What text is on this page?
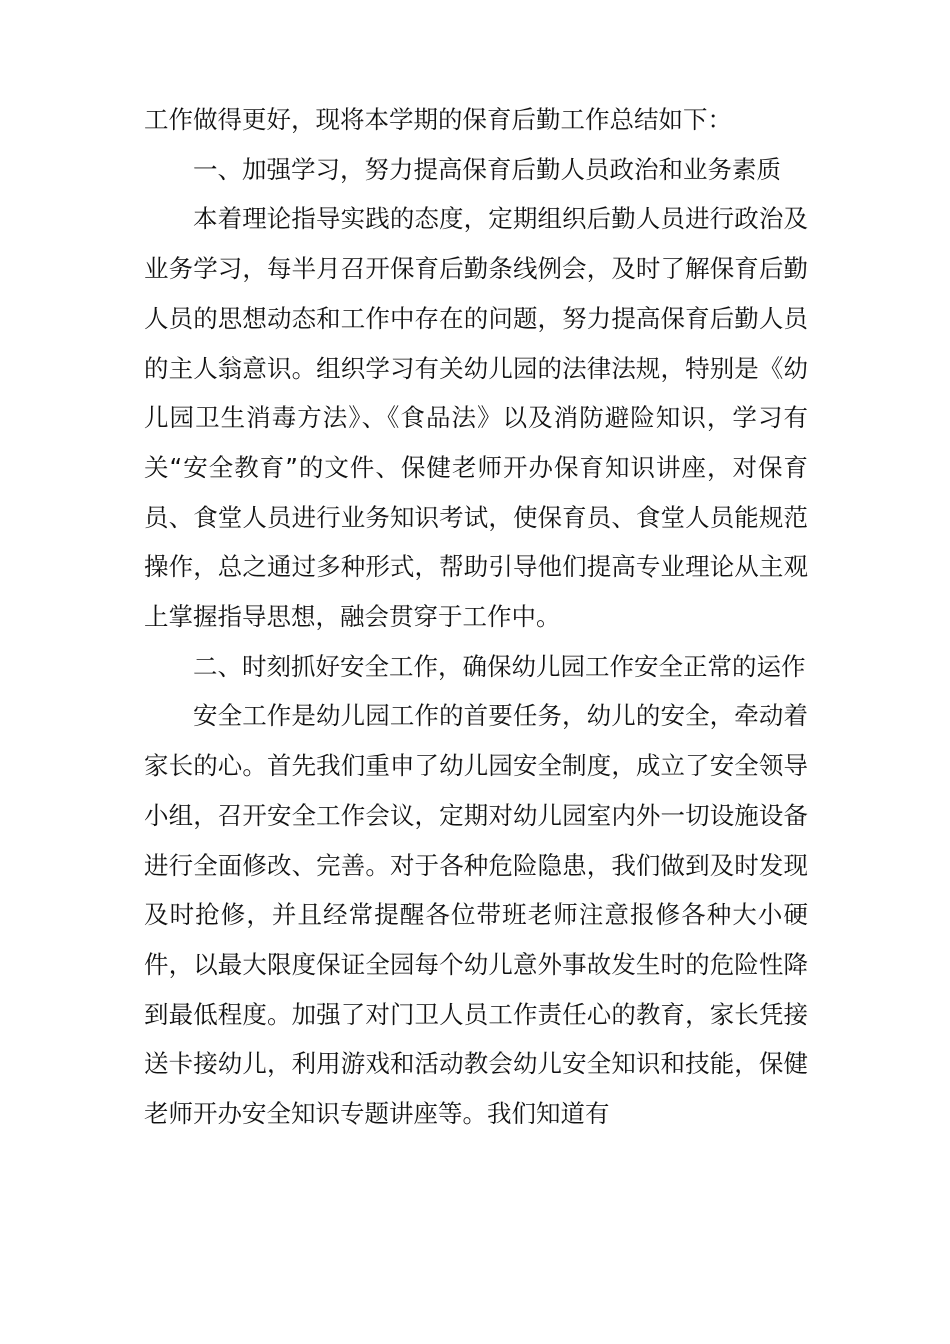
工作做得更好，现将本学期的保育后勤工作总结如下：

一、加强学习，努力提高保育后勤人员政治和业务素质

本着理论指导实践的态度，定期组织后勤人员进行政治及业务学习，每半月召开保育后勤条线例会，及时了解保育后勤人员的思想动态和工作中存在的问题，努力提高保育后勤人员的主人翁意识。组织学习有关幼儿园的法律法规，特别是《幼儿园卫生消毒方法》、《食品法》以及消防避险知识，学习有关“安全教育”的文件、保健老师开办保育知识讲座，对保育员、食堂人员进行业务知识考试，使保育员、食堂人员能规范操作，总之通过多种形式，帮助引导他们提高专业理论从主观上掌握指导思想，融会贯穿于工作中。

二、时刻抓好安全工作，确保幼儿园工作安全正常的运作

安全工作是幼儿园工作的首要任务，幼儿的安全，牵动着家长的心。首先我们重申了幼儿园安全制度，成立了安全领导小组，召开安全工作会议，定期对幼儿园室内外一切设施设备进行全面修改、完善。对于各种危险隐患，我们做到及时发现及时抢修，并且经常提醒各位带班老师注意报修各种大小硬件，以最大限度保证全园每个幼儿意外事故发生时的危险性降到最低程度。加强了对门卫人员工作责任心的教育，家长凭接送卡接幼儿，利用游戏和活动教会幼儿安全知识和技能，保健老师开办安全知识专题讲座等。我们知道有
